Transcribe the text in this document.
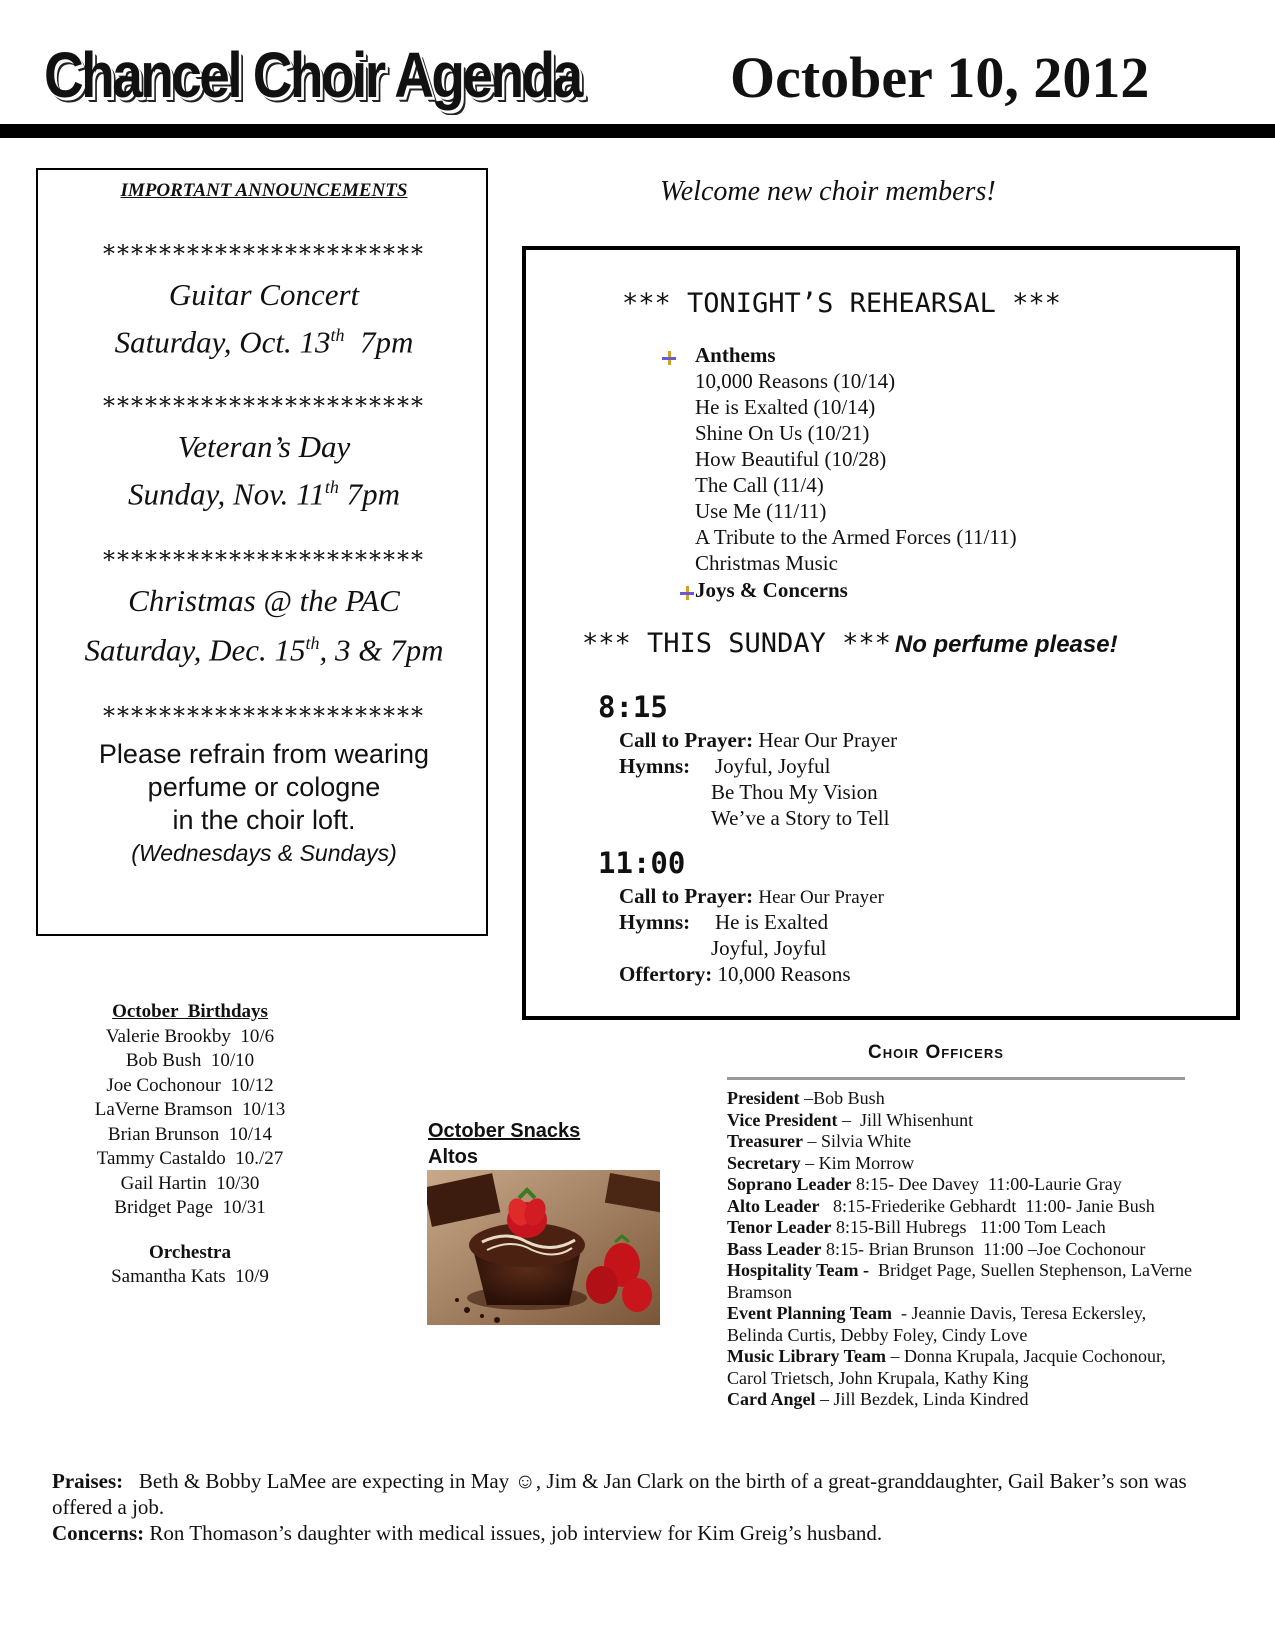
Chancel Choir Agenda	October 10, 2012
IMPORTANT ANNOUNCEMENTS
***********************
Guitar Concert
Saturday, Oct. 13th  7pm
***********************
Veteran’s Day
Sunday, Nov. 11th 7pm
***********************
Christmas @ the PAC
Saturday, Dec. 15th, 3 & 7pm
***********************
Please refrain from wearing
perfume or cologne
in the choir loft.
(Wednesdays & Sundays)
Welcome new choir members!
*** TONIGHT’S REHEARSAL ***

Anthems
10,000 Reasons (10/14)
He is Exalted (10/14)
Shine On Us (10/21)
How Beautiful (10/28)
The Call (11/4)
Use Me (11/11)
A Tribute to the Armed Forces (11/11)
Christmas Music
Joys & Concerns
*** THIS SUNDAY *** No perfume please!
8:15
Call to Prayer: Hear Our Prayer
Hymns: Joyful, Joyful
Be Thou My Vision
We’ve a Story to Tell
11:00
Call to Prayer: Hear Our Prayer
Hymns: He is Exalted
Joyful, Joyful
Offertory: 10,000 Reasons
October  Birthdays
Valerie Brookby  10/6
Bob Bush  10/10
Joe Cochonour  10/12
LaVerne Bramson  10/13
Brian Brunson  10/14
Tammy Castaldo  10./27
Gail Hartin  10/30
Bridget Page  10/31
Orchestra
Samantha Kats  10/9
October Snacks
Altos
Choir Officers
President –Bob Bush
Vice President –  Jill Whisenhunt
Treasurer – Silvia White
Secretary – Kim Morrow
Soprano Leader 8:15- Dee Davey  11:00-Laurie Gray
Alto Leader   8:15-Friederike Gebhardt  11:00- Janie Bush
Tenor Leader 8:15-Bill Hubregs   11:00 Tom Leach
Bass Leader 8:15- Brian Brunson  11:00 –Joe Cochonour
Hospitality Team -  Bridget Page, Suellen Stephenson, LaVerne Bramson
Event Planning Team  - Jeannie Davis, Teresa Eckersley, Belinda Curtis, Debby Foley, Cindy Love
Music Library Team – Donna Krupala, Jacquie Cochonour, Carol Trietsch, John Krupala, Kathy King
Card Angel – Jill Bezdek, Linda Kindred
Praises:   Beth & Bobby LaMee are expecting in May ☺, Jim & Jan Clark on the birth of a great-granddaughter, Gail Baker’s son was offered a job.
Concerns: Ron Thomason’s daughter with medical issues, job interview for Kim Greig’s husband.
